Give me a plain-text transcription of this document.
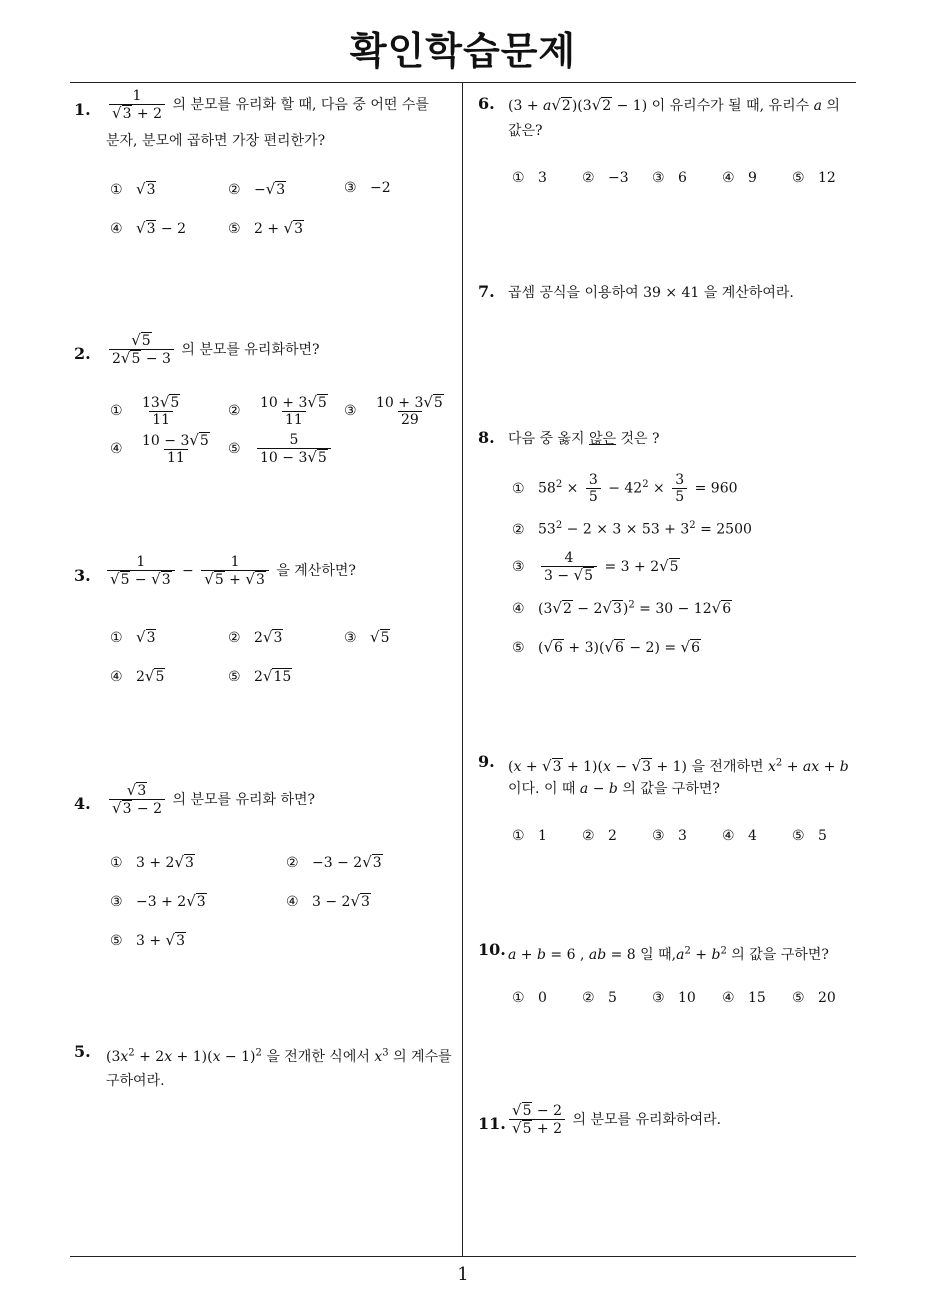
확인학습문제
1
1. $\frac{1}{√3 + 2}$ 의 분모를 유리화 할 때, 다음 중 어떤 수를
분자, 분모에 곱하면 가장 편리한가?
① √3	② −√3	③ −2
④ √3 − 2	⑤ 2 + √3
2. $\frac{√5}{2√5 - 3}$ 의 분모를 유리화하면?
① $\frac{13√5}{11}$	② $\frac{10 + 3√5}{11}$ ③ $\frac{10 + 3√5}{29}$
④ $\frac{10 - 3√5}{11}$ ⑤ $\frac{5}{10 - 3√5}$
3. $\frac{1}{√5 - √3} - \frac{1}{√5 + √3}$ 을 계산하면?
① √3	② 2√3	③ √5
④ 2√5	⑤ 2√15
4. $\frac{√3}{√3 - 2}$ 의 분모를 유리화 하면?
① 3 + 2√3	② −3 − 2√3
③ −3 + 2√3	④ 3 − 2√3
⑤ 3 + √3
5. $(3x^2 + 2x + 1)(x - 1)^2$ 을 전개한 식에서 $x^3$ 의 계수를
구하여라.
6. (3 + a√2)(3√2 − 1) 이 유리수가 될 때, 유리수 a 의
값은?
① 3	② −3 ③ 6	④ 9	⑤ 12
7. 곱셈 공식을 이용하여 39 × 41 을 계산하여라.
8. 다음 중 옳지 않은 것은 ?
① $58^2 \times \frac{3}{5} - 42^2 \times \frac{3}{5} = 960$
② $53^2 - 2 \times 3 \times 53 + 3^2 = 2500$
③ $\frac{4}{3 - √5} = 3 + 2√5$
④ $(3√2 - 2√3)^2 = 30 - 12√6$
⑤ (√6 + 3)(√6 − 2) = √6
9. (x + √3 + 1)(x − √3 + 1) 을 전개하면 $x^2$ + ax + b
이다. 이 때 a − b 의 값을 구하면?
① 1	② 2	③ 3	④ 4	⑤ 5
10. a + b = 6 , ab = 8 일 때$,a^2 + b^2$ 의 값을 구하면?
① 0	② 5	③ 10 ④ 15 ⑤ 20
11. $\frac{√5 - 2}{√5 + 2}$ 의 분모를 유리화하여라.
